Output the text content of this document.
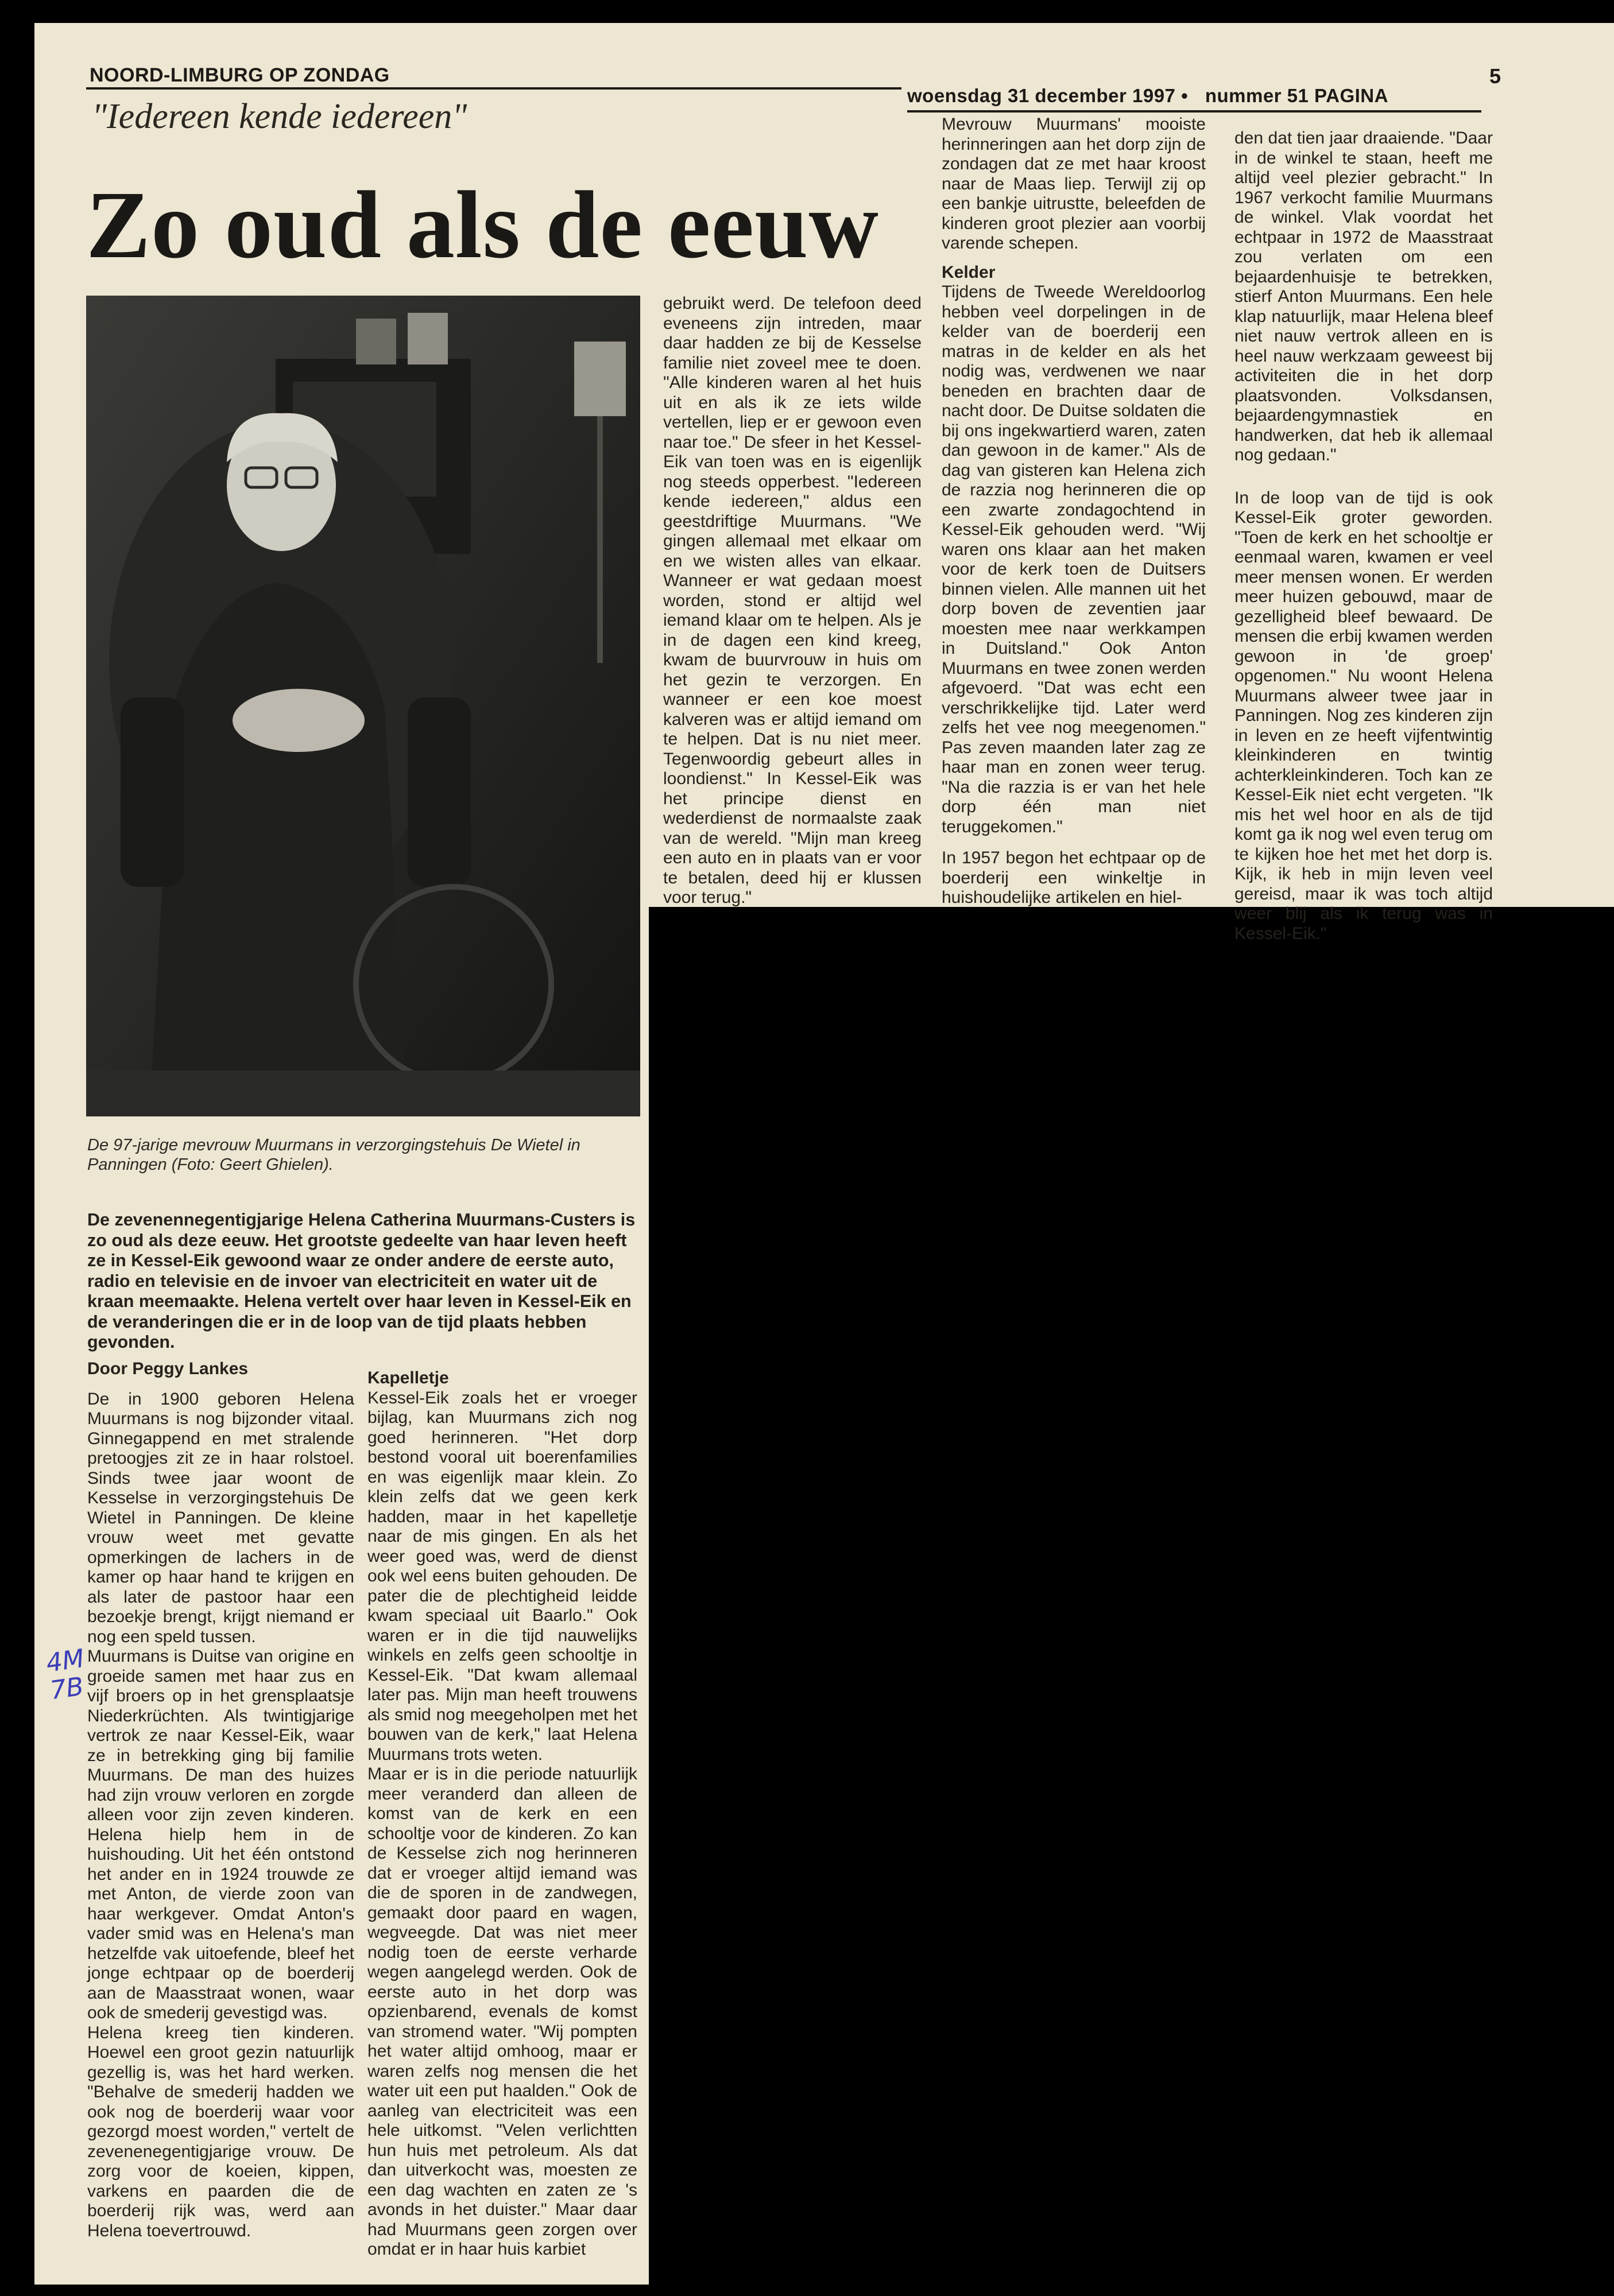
NOORD-LIMBURG OP ZONDAG
woensdag 31 december 1997 • nummer 51 PAGINA
5
"Iedereen kende iedereen"
Zo oud als de eeuw
De 97-jarige mevrouw Muurmans in verzorgingstehuis De Wietel in Panningen (Foto: Geert Ghielen).
De zevenennegentigjarige Helena Catherina Muurmans-Custers is zo oud als deze eeuw. Het grootste gedeelte van haar leven heeft ze in Kessel-Eik gewoond waar ze onder andere de eerste auto, radio en televisie en de invoer van electriciteit en water uit de kraan meemaakte. Helena vertelt over haar leven in Kessel-Eik en de veranderingen die er in de loop van de tijd plaats hebben gevonden.

Door Peggy Lankes

De in 1900 geboren Helena Muurmans is nog bijzonder vitaal. Ginnegappend en met stralende pretoogjes zit ze in haar rolstoel. Sinds twee jaar woont de Kesselse in verzorgingstehuis De Wietel in Panningen. De kleine vrouw weet met gevatte opmerkingen de lachers in de kamer op haar hand te krijgen en als later de pastoor haar een bezoekje brengt, krijgt niemand er nog een speld tussen.

Muurmans is Duitse van origine en groeide samen met haar zus en vijf broers op in het grensplaatsje Niederkrüchten. Als twintigjarige vertrok ze naar Kessel-Eik, waar ze in betrekking ging bij familie Muurmans. De man des huizes had zijn vrouw verloren en zorgde alleen voor zijn zeven kinderen. Helena hielp hem in de huishouding. Uit het één ontstond het ander en in 1924 trouwde ze met Anton, de vierde zoon van haar werkgever. Omdat Anton's vader smid was en Helena's man hetzelfde vak uitoefende, bleef het jonge echtpaar op de boerderij aan de Maasstraat wonen, waar ook de smederij gevestigd was.

Helena kreeg tien kinderen. Hoewel een groot gezin natuurlijk gezellig is, was het hard werken. "Behalve de smederij hadden we ook nog de boerderij waar voor gezorgd moest worden," vertelt de zevenenegentigjarige vrouw. De zorg voor de koeien, kippen, varkens en paarden die de boerderij rijk was, werd aan Helena toevertrouwd.

4M
7B

Kapelletje

Kessel-Eik zoals het er vroeger bijlag, kan Muurmans zich nog goed herinneren. "Het dorp bestond vooral uit boerenfamilies en was eigenlijk maar klein. Zo klein zelfs dat we geen kerk hadden, maar in het kapelletje naar de mis gingen. En als het weer goed was, werd de dienst ook wel eens buiten gehouden. De pater die de plechtigheid leidde kwam speciaal uit Baarlo." Ook waren er in die tijd nauwelijks winkels en zelfs geen schooltje in Kessel-Eik. "Dat kwam allemaal later pas. Mijn man heeft trouwens als smid nog meegeholpen met het bouwen van de kerk," laat Helena Muurmans trots weten.

Maar er is in die periode natuurlijk meer veranderd dan alleen de komst van de kerk en een schooltje voor de kinderen. Zo kan de Kesselse zich nog herinneren dat er vroeger altijd iemand was die de sporen in de zandwegen, gemaakt door paard en wagen, wegveegde. Dat was niet meer nodig toen de eerste verharde wegen aangelegd werden. Ook de eerste auto in het dorp was opzienbarend, evenals de komst van stromend water. "Wij pompten het water altijd omhoog, maar er waren zelfs nog mensen die het water uit een put haalden." Ook de aanleg van electriciteit was een hele uitkomst. "Velen verlichtten hun huis met petroleum. Als dat dan uitverkocht was, moesten ze een dag wachten en zaten ze 's avonds in het duister." Maar daar had Muurmans geen zorgen over omdat er in haar huis karbiet

gebruikt werd. De telefoon deed eveneens zijn intreden, maar daar hadden ze bij de Kesselse familie niet zoveel mee te doen. "Alle kinderen waren al het huis uit en als ik ze iets wilde vertellen, liep er er gewoon even naar toe." De sfeer in het Kessel-Eik van toen was en is eigenlijk nog steeds opperbest. "Iedereen kende iedereen," aldus een geestdriftige Muurmans. "We gingen allemaal met elkaar om en we wisten alles van elkaar. Wanneer er wat gedaan moest worden, stond er altijd wel iemand klaar om te helpen. Als je in de dagen een kind kreeg, kwam de buurvrouw in huis om het gezin te verzorgen. En wanneer er een koe moest kalveren was er altijd iemand om te helpen. Dat is nu niet meer. Tegenwoordig gebeurt alles in loondienst." In Kessel-Eik was het principe dienst en wederdienst de normaalste zaak van de wereld. "Mijn man kreeg een auto en in plaats van er voor te betalen, deed hij er klussen voor terug."

Mevrouw Muurmans' mooiste herinneringen aan het dorp zijn de zondagen dat ze met haar kroost naar de Maas liep. Terwijl zij op een bankje uitrustte, beleefden de kinderen groot plezier aan voorbij varende schepen.

Kelder

Tijdens de Tweede Wereldoorlog hebben veel dorpelingen in de kelder van de boerderij een matras in de kelder en als het nodig was, verdwenen we naar beneden en brachten daar de nacht door. De Duitse soldaten die bij ons ingekwartierd waren, zaten dan gewoon in de kamer." Als de dag van gisteren kan Helena zich de razzia nog herinneren die op een zwarte zondagochtend in Kessel-Eik gehouden werd. "Wij waren ons klaar aan het maken voor de kerk toen de Duitsers binnen vielen. Alle mannen uit het dorp boven de zeventien jaar moesten mee naar werkkampen in Duitsland." Ook Anton Muurmans en twee zonen werden afgevoerd. "Dat was echt een verschrikkelijke tijd. Later werd zelfs het vee nog meegenomen." Pas zeven maanden later zag ze haar man en zonen weer terug. "Na die razzia is er van het hele dorp één man niet teruggekomen."

In 1957 begon het echtpaar op de boerderij een winkeltje in huishoudelijke artikelen en hiel-

den dat tien jaar draaiende. "Daar in de winkel te staan, heeft me altijd veel plezier gebracht." In 1967 verkocht familie Muurmans de winkel. Vlak voordat het echtpaar in 1972 de Maasstraat zou verlaten om een bejaardenhuisje te betrekken, stierf Anton Muurmans. Een hele klap natuurlijk, maar Helena bleef niet nauw vertrok alleen en is heel nauw werkzaam geweest bij activiteiten die in het dorp plaatsvonden. Volksdansen, bejaardengymnastiek en handwerken, dat heb ik allemaal nog gedaan."

In de loop van de tijd is ook Kessel-Eik groter geworden. "Toen de kerk en het schooltje er eenmaal waren, kwamen er veel meer mensen wonen. Er werden meer huizen gebouwd, maar de gezelligheid bleef bewaard. De mensen die erbij kwamen werden gewoon in 'de groep' opgenomen." Nu woont Helena Muurmans alweer twee jaar in Panningen. Nog zes kinderen zijn in leven en ze heeft vijfentwintig kleinkinderen en twintig achterkleinkinderen. Toch kan ze Kessel-Eik niet echt vergeten. "Ik mis het wel hoor en als de tijd komt ga ik nog wel even terug om te kijken hoe het met het dorp is. Kijk, ik heb in mijn leven veel gereisd, maar ik was toch altijd weer blij als ik terug was in Kessel-Eik."
